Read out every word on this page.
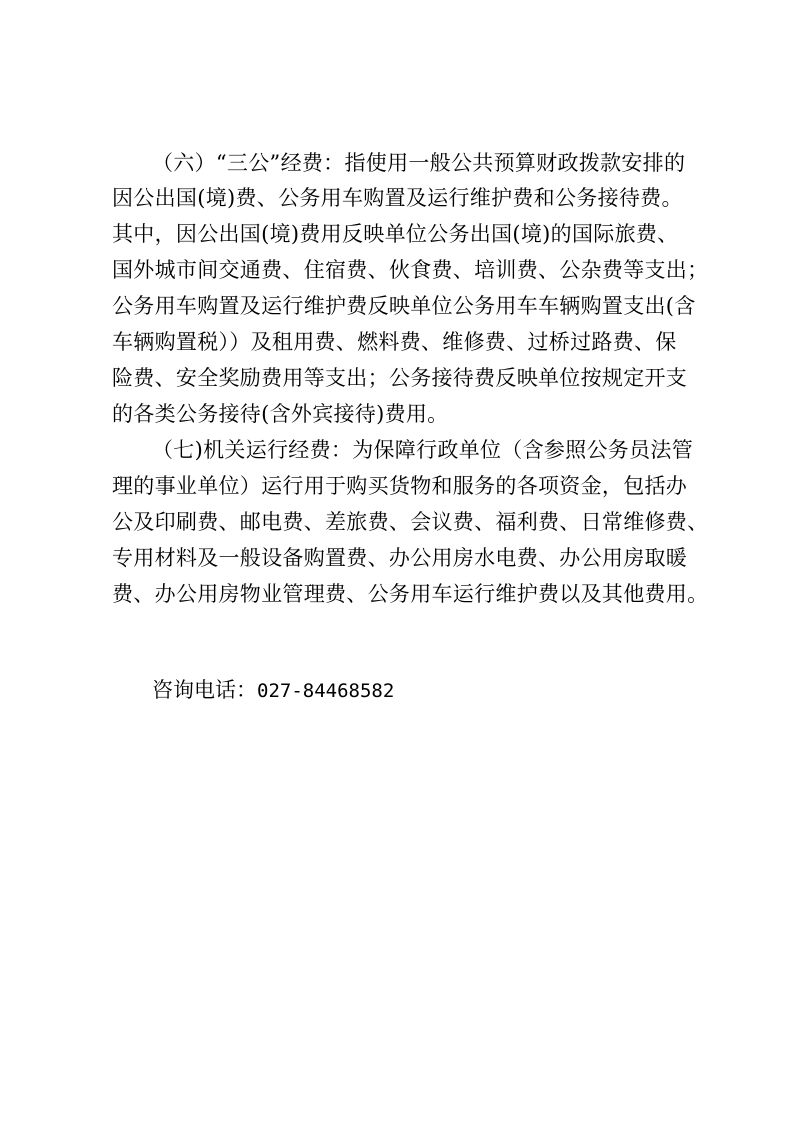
（六）“三公”经费：指使用一般公共预算财政拨款安排的
因公出国(境)费、公务用车购置及运行维护费和公务接待费。
其中，因公出国(境)费用反映单位公务出国(境)的国际旅费、
国外城市间交通费、住宿费、伙食费、培训费、公杂费等支出；
公务用车购置及运行维护费反映单位公务用车车辆购置支出(含
车辆购置税））及租用费、燃料费、维修费、过桥过路费、保
险费、安全奖励费用等支出；公务接待费反映单位按规定开支
的各类公务接待(含外宾接待)费用。
（七)机关运行经费：为保障行政单位（含参照公务员法管
理的事业单位）运行用于购买货物和服务的各项资金，包括办
公及印刷费、邮电费、差旅费、会议费、福利费、日常维修费、
专用材料及一般设备购置费、办公用房水电费、办公用房取暖
费、办公用房物业管理费、公务用车运行维护费以及其他费用。
咨询电话：027-84468582
